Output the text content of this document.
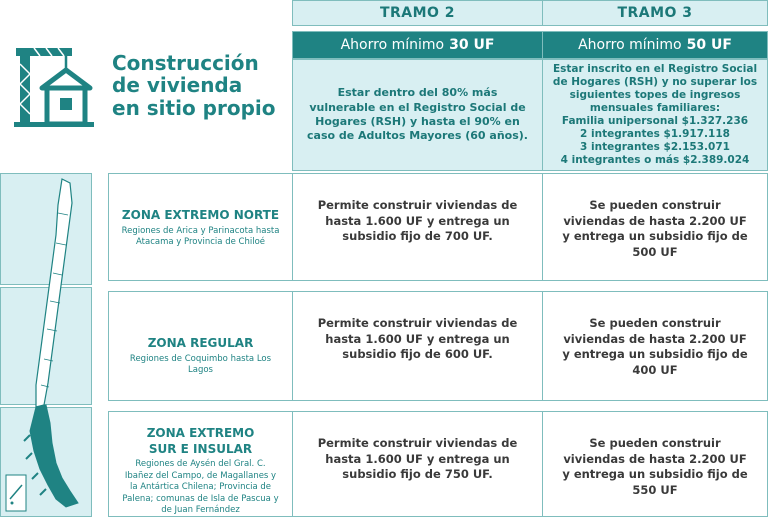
Construcción
de vivienda
en sitio propio
TRAMO 2	TRAMO 3
Ahorro mínimo 30 UF	Ahorro mínimo 50 UF
Estar dentro del 80% más vulnerable en el Registro Social de Hogares (RSH) y hasta el 90% en caso de Adultos Mayores (60 años).
Estar inscrito en el Registro Social de Hogares (RSH) y no superar los siguientes topes de ingresos mensuales familiares:
Familia unipersonal $1.327.236
2 integrantes $1.917.118
3 integrantes $2.153.071
4 integrantes o más $2.389.024
ZONA EXTREMO NORTE
Regiones de Arica y Parinacota hasta Atacama y Provincia de Chiloé
Permite construir viviendas de hasta 1.600 UF y entrega un subsidio fijo de 700 UF.
Se pueden construir viviendas de hasta 2.200 UF y entrega un subsidio fijo de 500 UF
ZONA REGULAR
Regiones de Coquimbo hasta Los Lagos
Permite construir viviendas de hasta 1.600 UF y entrega un subsidio fijo de 600 UF.
Se pueden construir viviendas de hasta 2.200 UF y entrega un subsidio fijo de 400 UF
ZONA EXTREMO SUR E INSULAR
Regiones de Aysén del Gral. C. Ibañez del Campo, de Magallanes y la Antártica Chilena; Provincia de Palena; comunas de Isla de Pascua y de Juan Fernández
Permite construir viviendas de hasta 1.600 UF y entrega un subsidio fijo de 750 UF.
Se pueden construir viviendas de hasta 2.200 UF y entrega un subsidio fijo de 550 UF
